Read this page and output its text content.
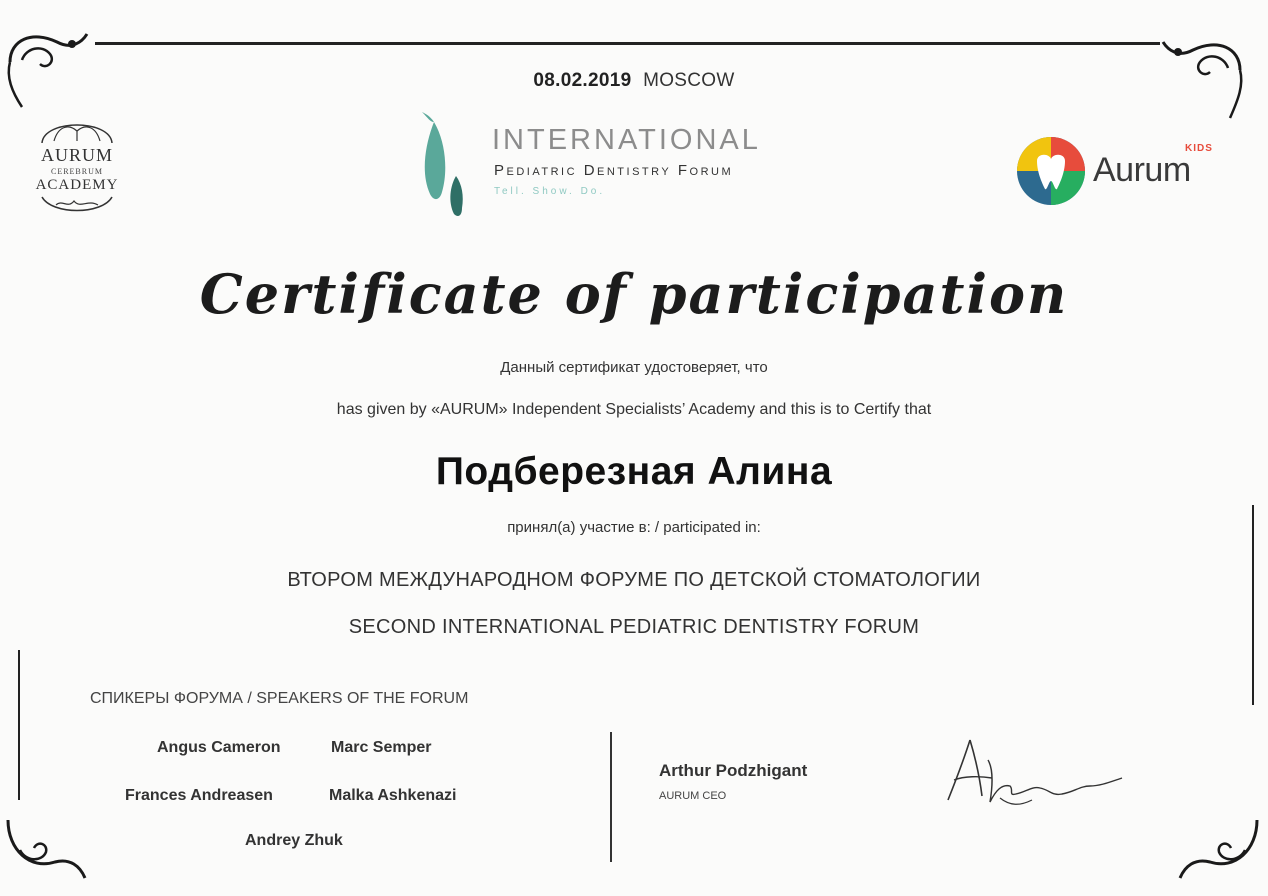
08.02.2019 MOSCOW
AURUM
CEREBRUM
ACADEMY
INTERNATIONAL
Pediatric Dentistry Forum
Tell. Show. Do.
Aurum
KIDS
Certificate of participation
Данный сертификат удостоверяет, что
has given by «AURUM» Independent Specialists’ Academy and this is to Certify that
Подберезная Алина
принял(а) участие в: / participated in:
ВТОРОМ МЕЖДУНАРОДНОМ ФОРУМЕ ПО ДЕТСКОЙ СТОМАТОЛОГИИ
SECOND INTERNATIONAL PEDIATRIC DENTISTRY FORUM
СПИКЕРЫ ФОРУМА / SPEAKERS OF THE FORUM
Angus Cameron	Marc Semper
Frances Andreasen	Malka Ashkenazi
Andrey Zhuk
Arthur Podzhigant
AURUM CEO
